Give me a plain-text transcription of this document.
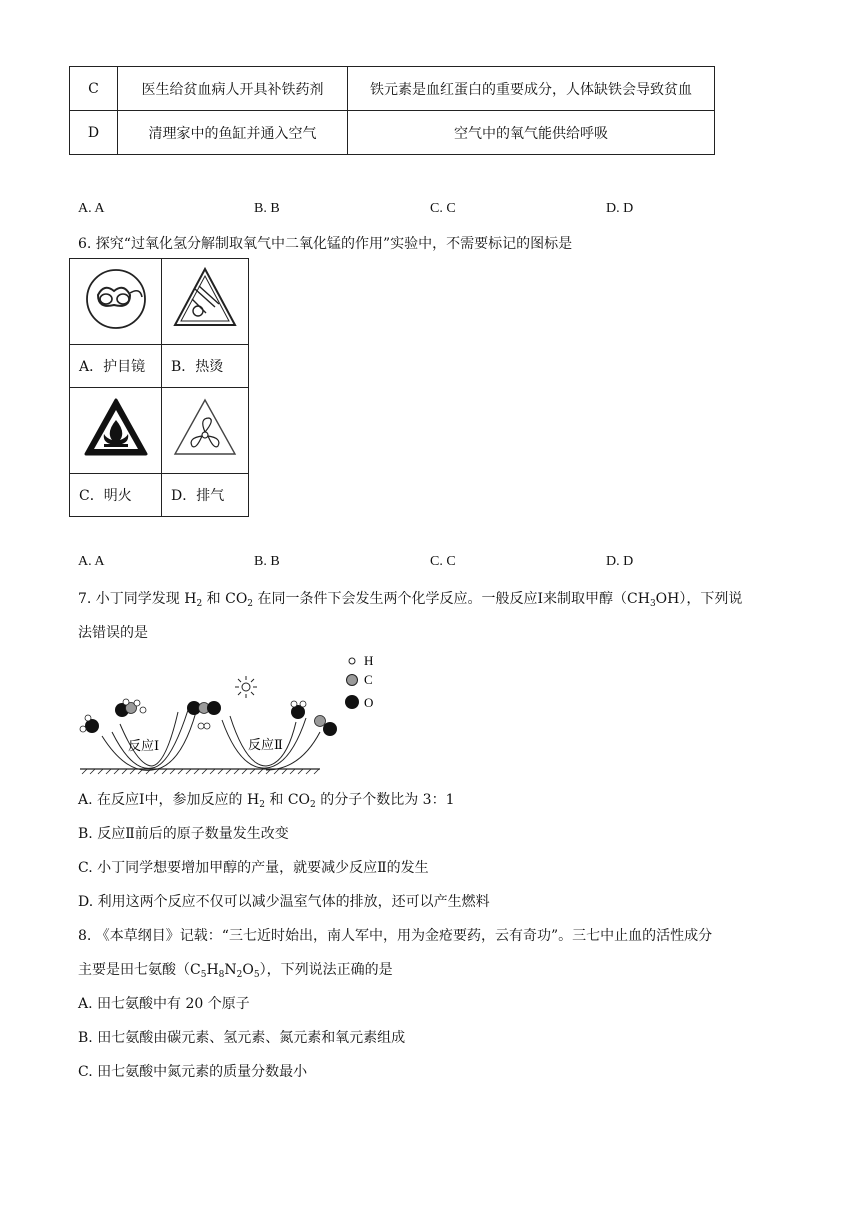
C	医生给贫血病人开具补铁药剂	铁元素是血红蛋白的重要成分，人体缺铁会导致贫血
D	清理家中的鱼缸并通入空气	空气中的氧气能供给呼吸
A. A	B. B	C. C	D. D
6. 探究“过氧化氢分解制取氧气中二氧化锰的作用”实验中，不需要标记的图标是

A．护目镜	B．热烫

C．明火	D．排气
A. A	B. B	C. C	D. D
7. 小丁同学发现 $H_2$ 和 $CO_2$ 在同一条件下会发生两个化学反应。一般反应Ⅰ来制取甲醇$(CH_3OH)$，下列说
法错误的是
H
C
O
反应Ⅰ	反应Ⅱ
A. 在反应Ⅰ中，参加反应的 $H_2$ 和 $CO_2$ 的分子个数比为 3：1
B. 反应Ⅱ前后的原子数量发生改变
C. 小丁同学想要增加甲醇的产量，就要减少反应Ⅱ的发生
D. 利用这两个反应不仅可以减少温室气体的排放，还可以产生燃料
8. 《本草纲目》记载：“三七近时始出，南人军中，用为金疮要药，云有奇功”。三七中止血的活性成分
主要是田七氨酸$(C_5H_8N_2O_5)$，下列说法正确的是
A. 田七氨酸中有 20 个原子
B. 田七氨酸由碳元素、氢元素、氮元素和氧元素组成
C. 田七氨酸中氮元素的质量分数最小
